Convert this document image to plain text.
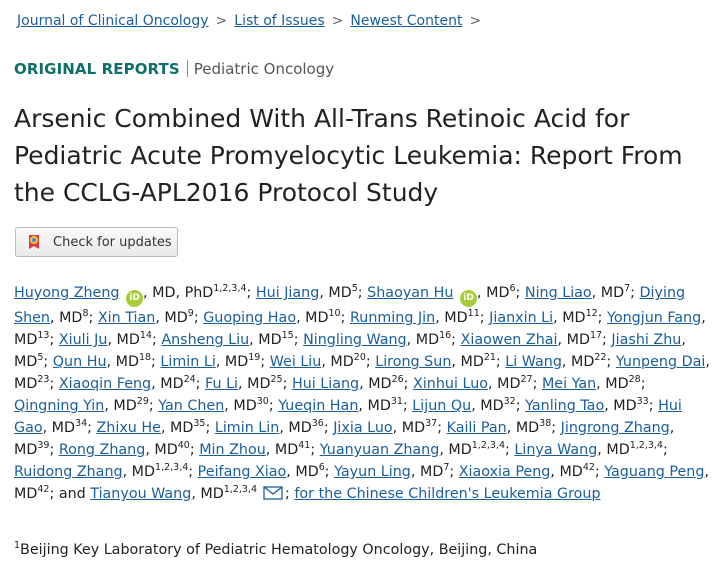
Journal of Clinical Oncology > List of Issues > Newest Content >
ORIGINAL REPORTS Pediatric Oncology
Arsenic Combined With All-Trans Retinoic Acid for Pediatric Acute Promyelocytic Leukemia: Report From the CCLG-APL2016 Protocol Study
Check for updates
Huyong Zheng iD , MD, PhD$^{1,2,3,4}$; Hui Jiang, $MD^5$; Shaoyan Hu iD , $MD^6$; Ning Liao, $MD^7$; Diying Shen, $MD^8$; Xin Tian, $MD^9$; Guoping Hao, MD$^{10}$; Runming Jin, MD$^{11}$; Jianxin Li, MD$^{12}$; Yongjun Fang, MD$^{13}$; Xiuli Ju, MD$^{14}$; Ansheng Liu, MD$^{15}$; Ningling Wang, MD$^{16}$; Xiaowen Zhai, MD$^{17}$; Jiashi Zhu, $MD^5$; Qun Hu, MD$^{18}$; Limin Li, MD$^{19}$; Wei Liu, MD$^{20}$; Lirong Sun, MD$^{21}$; Li Wang, MD$^{22}$; Yunpeng Dai, MD$^{23}$; Xiaoqin Feng, MD$^{24}$; Fu Li, MD$^{25}$; Hui Liang, MD$^{26}$; Xinhui Luo, MD$^{27}$; Mei Yan, MD$^{28}$; Qingning Yin, MD$^{29}$; Yan Chen, MD$^{30}$; Yueqin Han, MD$^{31}$; Lijun Qu, MD$^{32}$; Yanling Tao, MD$^{33}$; Hui Gao, MD$^{34}$; Zhixu He, MD$^{35}$; Limin Lin, MD$^{36}$; Jixia Luo, MD$^{37}$; Kaili Pan, MD$^{38}$; Jingrong Zhang, MD$^{39}$; Rong Zhang, MD$^{40}$; Min Zhou, MD$^{41}$; Yuanyuan Zhang, MD$^{1,2,3,4}$; Linya Wang, MD$^{1,2,3,4}$; Ruidong Zhang, MD$^{1,2,3,4}$; Peifang Xiao, $MD^6$; Yayun Ling, $MD^7$; Xiaoxia Peng, MD$^{42}$; Yaguang Peng, MD$^{42}$; and Tianyou Wang, MD$^{1,2,3,4}$ ; for the Chinese Children's Leukemia Group
$^1$Beijing Key Laboratory of Pediatric Hematology Oncology, Beijing, China
